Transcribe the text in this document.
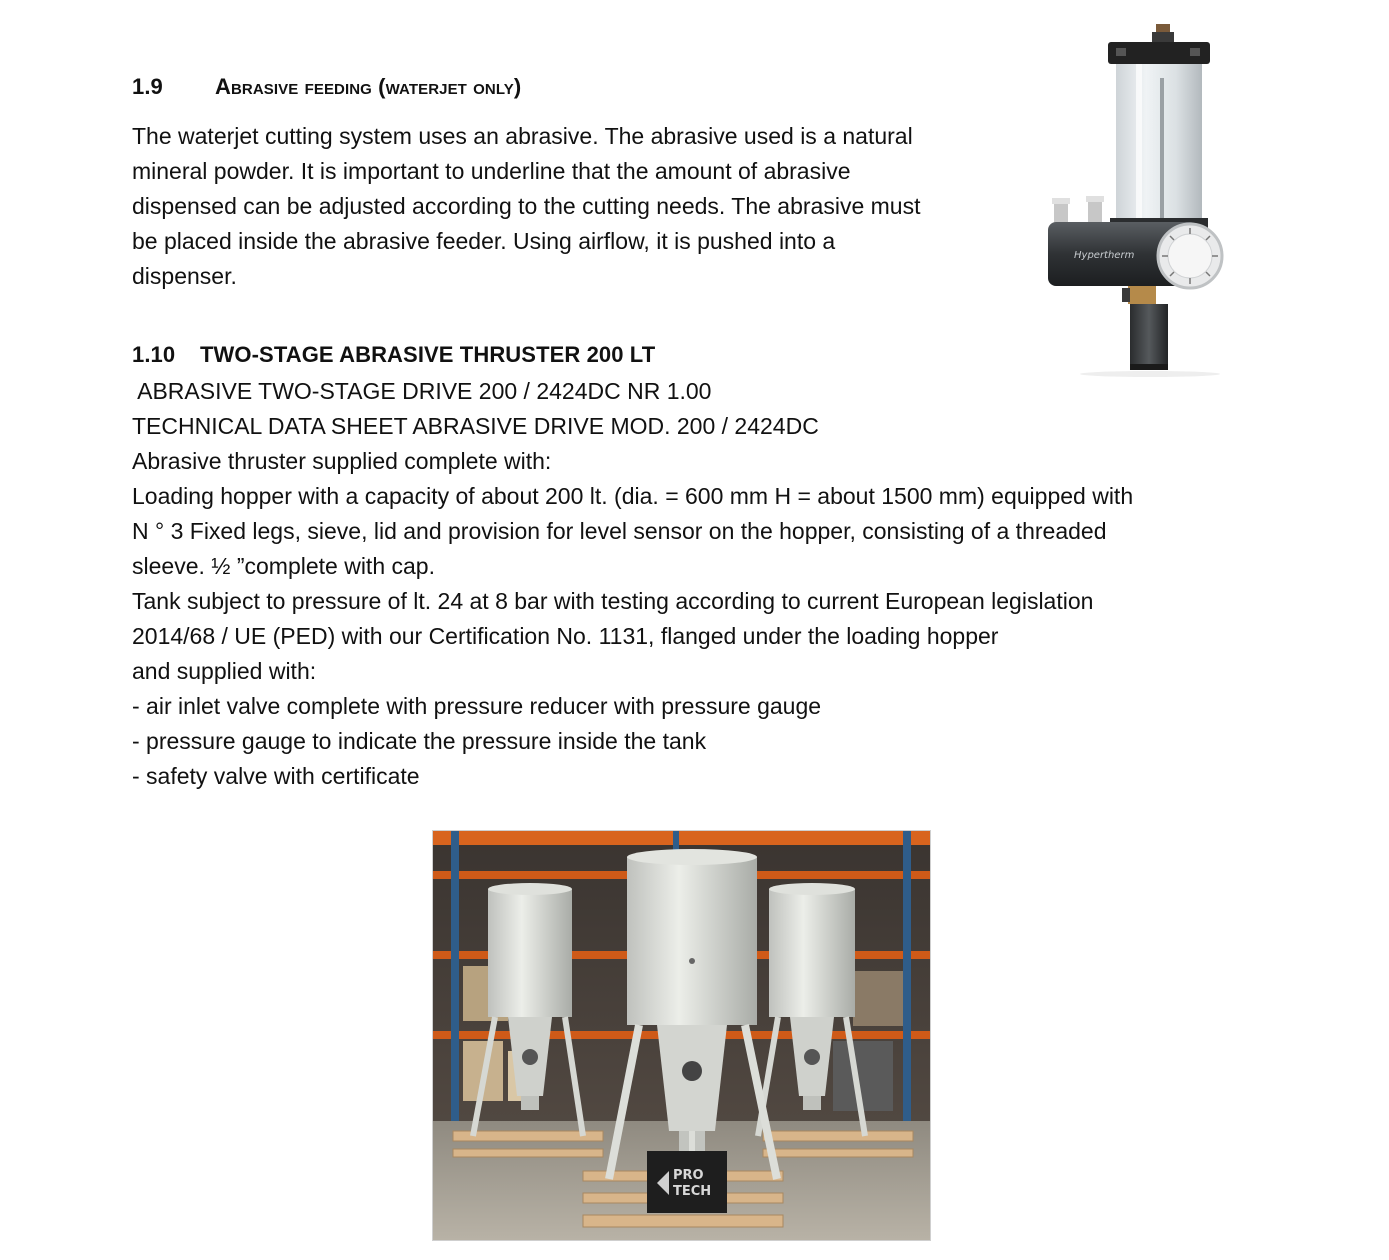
1.9 Abrasive feeding (waterjet only)
The waterjet cutting system uses an abrasive. The abrasive used is a natural
mineral powder. It is important to underline that the amount of abrasive
dispensed can be adjusted according to the cutting needs. The abrasive must
be placed inside the abrasive feeder. Using airflow, it is pushed into a
dispenser.
Hypertherm
1.10 TWO-STAGE ABRASIVE THRUSTER 200 LT
ABRASIVE TWO-STAGE DRIVE 200 / 2424DC NR 1.00
TECHNICAL DATA SHEET ABRASIVE DRIVE MOD. 200 / 2424DC
Abrasive thruster supplied complete with:
Loading hopper with a capacity of about 200 lt. (dia. = 600 mm H = about 1500 mm) equipped with
N ° 3 Fixed legs, sieve, lid and provision for level sensor on the hopper, consisting of a threaded
sleeve. ½ ”complete with cap.
Tank subject to pressure of lt. 24 at 8 bar with testing according to current European legislation
2014/68 / UE (PED) with our Certification No. 1131, flanged under the loading hopper
and supplied with:
- air inlet valve complete with pressure reducer with pressure gauge
- pressure gauge to indicate the pressure inside the tank
- safety valve with certificate
PRO
TECH
